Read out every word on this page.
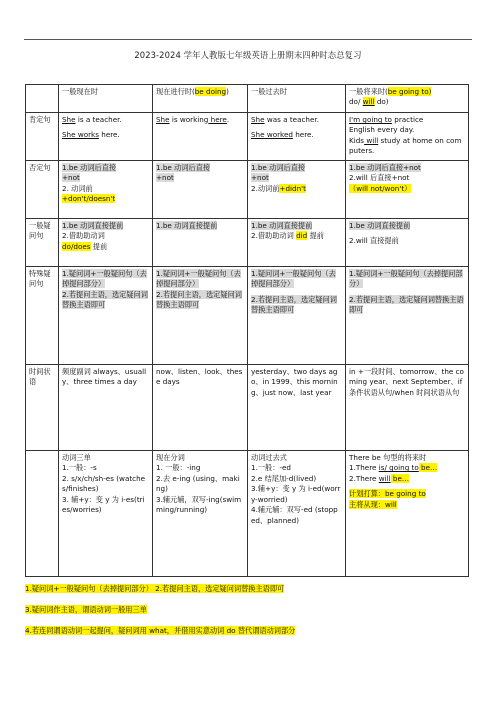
2023-2024 学年人教版七年级英语上册期末四种时态总复习
	一般现在时	现在进行时(be doing)	一般过去时	一般将来时(be going to)
do/ will do)
肯定句	She is a teacher.
She works here.	She is working here.	She was a teacher.
She worked here.	I'm going to practice
English every day.
Kids will study at home on computers.

否定句	1.be 动词后直接
+not
2. 动词前
+don't/doesn't	1.be 动词后直接
+not	1.be 动词后直接
+not
2.动词前+didn't	1.be 动词后直接+not
2.will 后直接+not
（will not/won't）

一般疑问句	1.be 动词直接提前
2.借助助动词
do/does 提前	1.be 动词直接提前	1.be 动词直接提前
2.借助助动词 did 提前	1.be 动词直接提前
2.will 直接提前

特殊疑问句	1.疑问词+一般疑问句（去掉提问部分）
2.若提问主语，选定疑问词替换主语即可	1.疑问词+一般疑问句（去掉提问部分）
2.若提问主语，选定疑问词替换主语即可	1.疑问词+一般疑问句（去掉提问部分）
2.若提问主语，选定疑问词替换主语即可	1.疑问词+一般疑问句（去掉提问部分）
2.若提问主语，选定疑问词替换主语即可

时间状语	频度副词 always、usually、three times a day	now、listen、look、these days	yesterday、two days ago、in 1999、this morning、just now、last year	in +一段时间、tomorrow、the coming year、next September、if 条件状语从句/when 时间状语从句

	动词三单
1.一般：-s
2. s/x/ch/sh-es (watches/finishes)
3. 辅+y：变 y 为 i-es(tries/worries)	现在分词
1. 一般：-ing
2.去 e-ing (using、making)
3.辅元辅，双写-ing(swimming/running)	动词过去式
1.一般：-ed
2.e 结尾加-d(lived)
3.辅+y：变 y 为 i-ed(worry-worried)
4.辅元辅：双写-ed (stopped、planned)	There be 句型的将来时
1.There is/ going to be…
2.There will be…
计划打算：be going to
主将从现：will
1.疑问词+一般疑问句（去掉提问部分） 2.若提问主语，选定疑问词替换主语即可
3.疑问词作主语，谓语动词一般用三单
4.若连同谓语动词一起提问，疑问词用 what，并借用实意动词 do 替代谓语动词部分
